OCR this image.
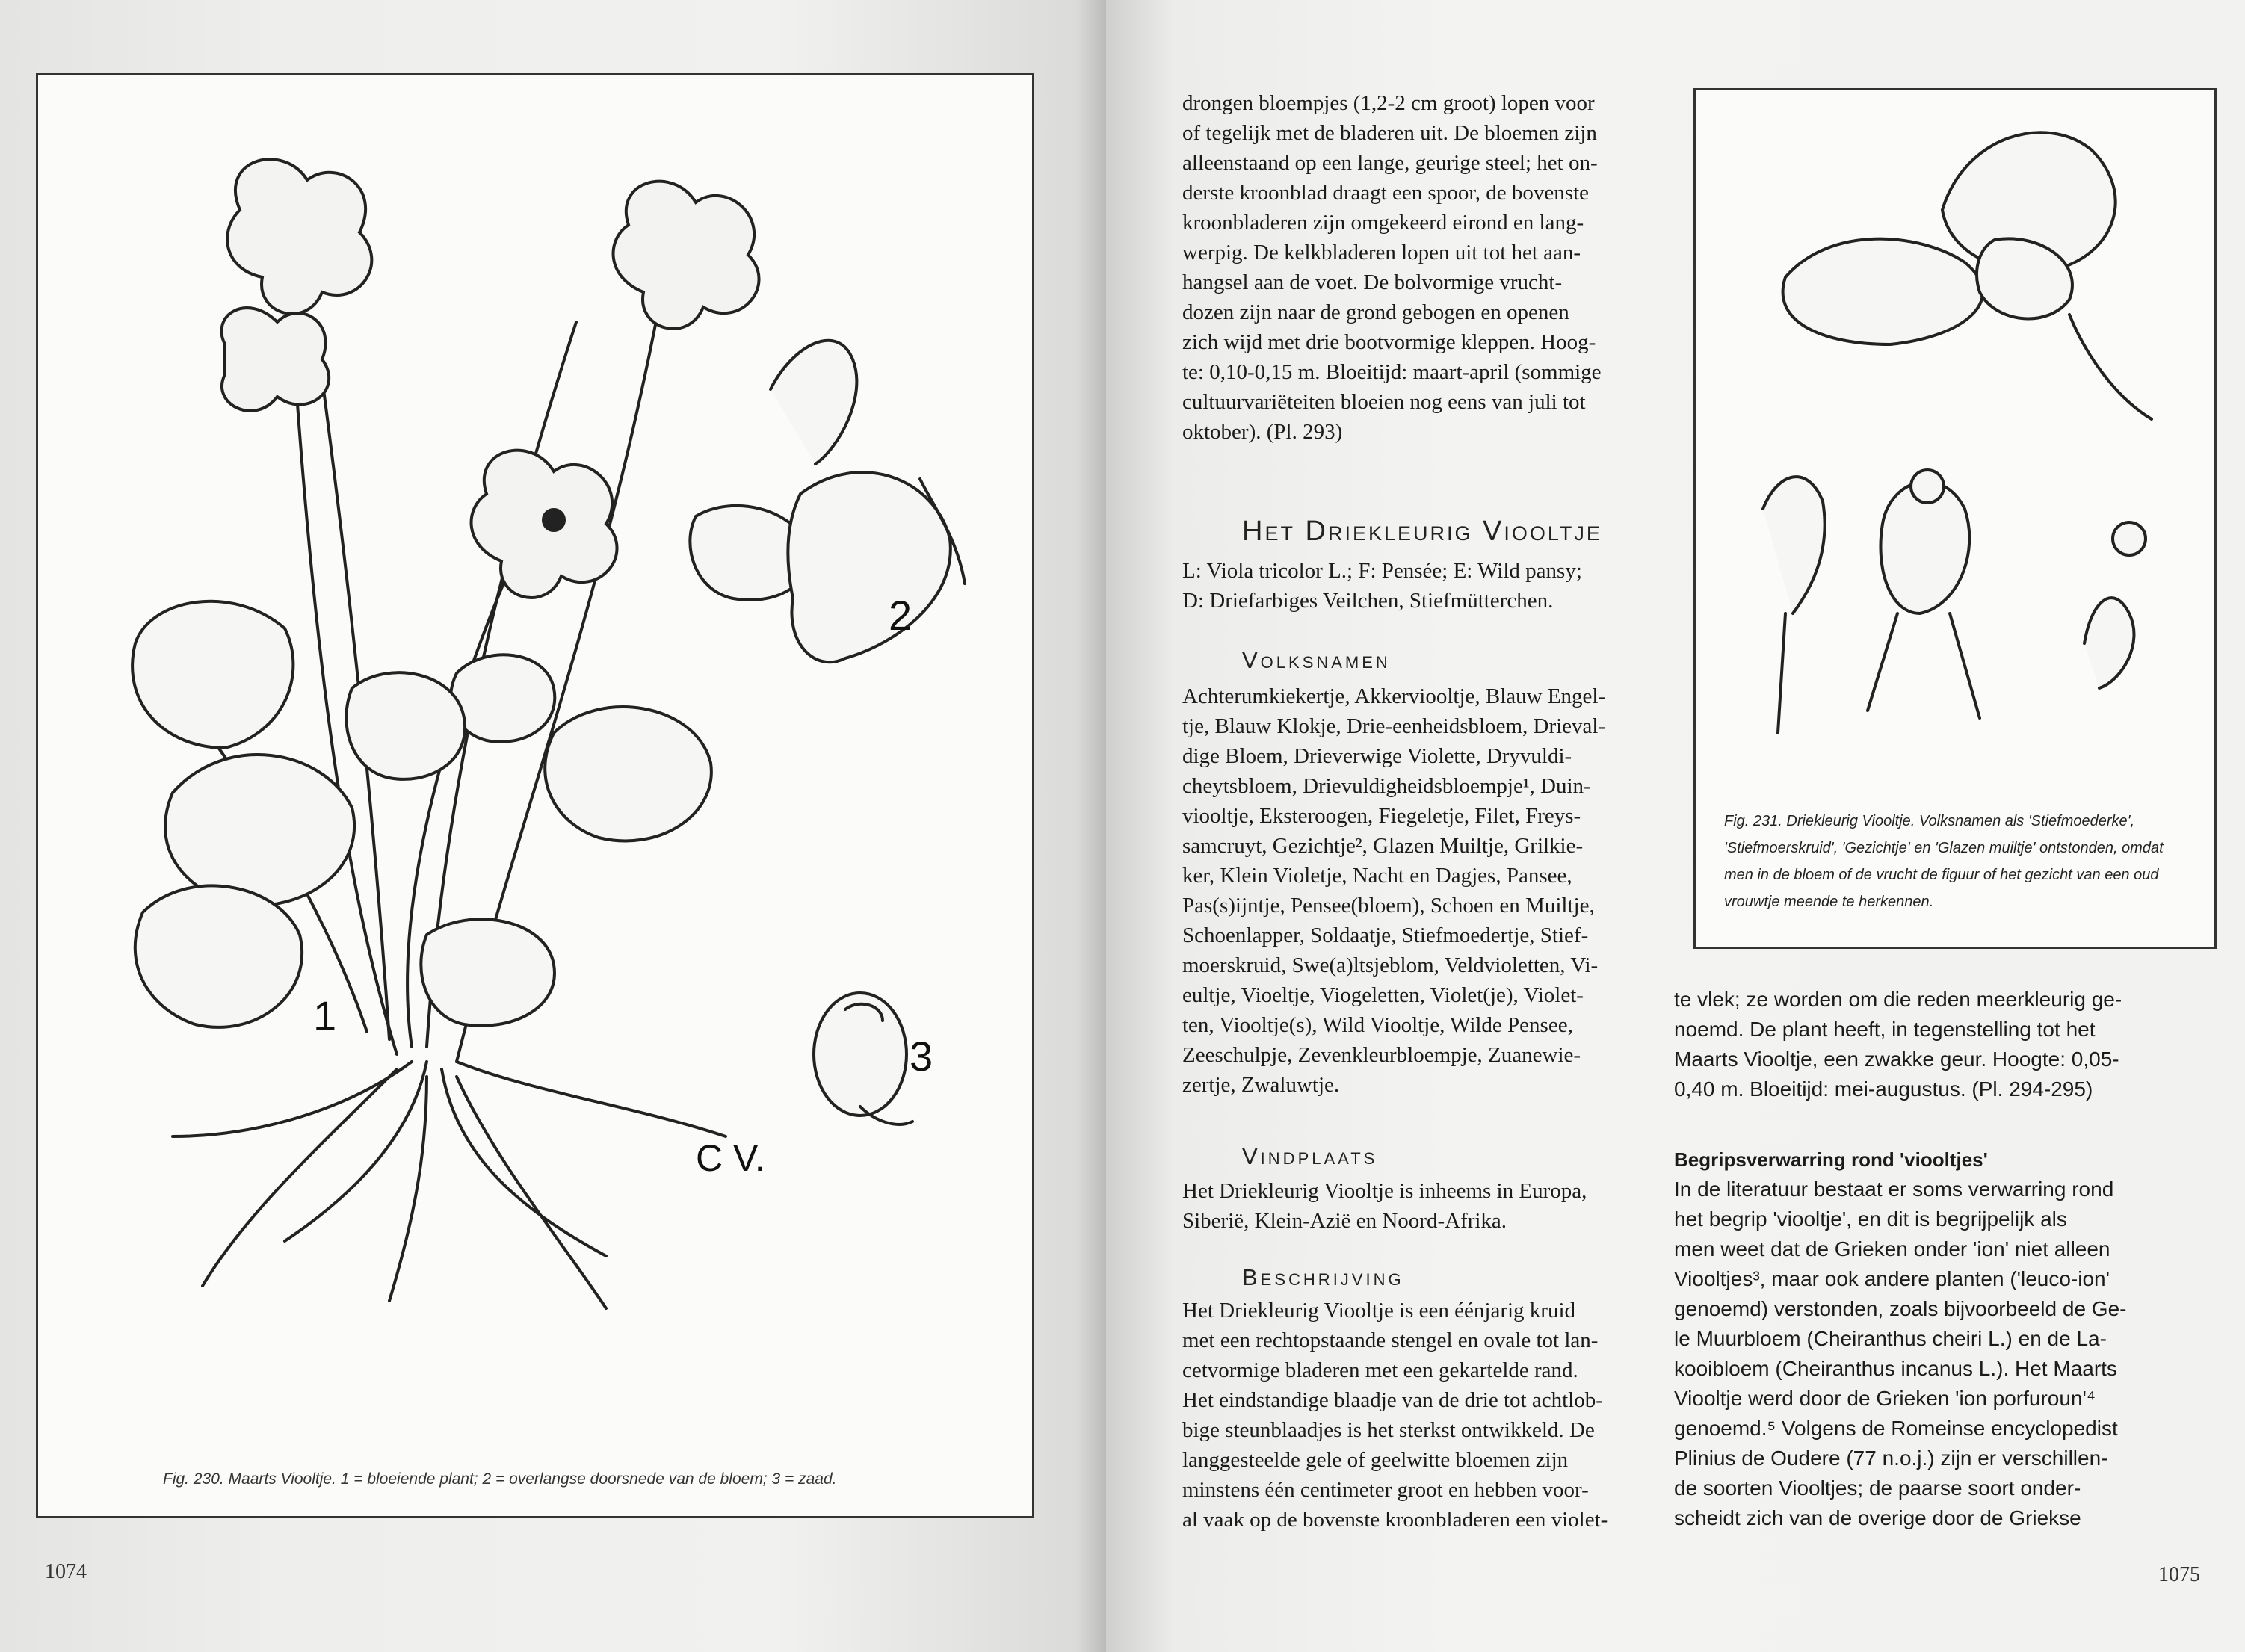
2
1
3
C V.
Fig. 230. Maarts Viooltje. 1 = bloeiende plant; 2 = overlangse doorsnede van de bloem; 3 = zaad.
1074

drongen bloempjes (1,2-2 cm groot) lopen voor

of tegelijk met de bladeren uit. De bloemen zijn

alleenstaand op een lange, geurige steel; het on-

derste kroonblad draagt een spoor, de bovenste

kroonbladeren zijn omgekeerd eirond en lang-

werpig. De kelkbladeren lopen uit tot het aan-

hangsel aan de voet. De bolvormige vrucht-

dozen zijn naar de grond gebogen en openen

zich wijd met drie bootvormige kleppen. Hoog-

te: 0,10-0,15 m. Bloeitijd: maart-april (sommige

cultuurvariëteiten bloeien nog eens van juli tot

oktober). (Pl. 293)

Het Driekleurig Viooltje

L: Viola tricolor L.; F: Pensée; E: Wild pansy;

D: Driefarbiges Veilchen, Stiefmütterchen.

Volksnamen

Achterumkiekertje, Akkerviooltje, Blauw Engel-

tje, Blauw Klokje, Drie-eenheidsbloem, Drieval-

dige Bloem, Drieverwige Violette, Dryvuldi-

cheytsbloem, Drievuldigheidsbloempje¹, Duin-

viooltje, Eksteroogen, Fiegeletje, Filet, Freys-

samcruyt, Gezichtje², Glazen Muiltje, Grilkie-

ker, Klein Violetje, Nacht en Dagjes, Pansee,

Pas(s)ijntje, Pensee(bloem), Schoen en Muiltje,

Schoenlapper, Soldaatje, Stiefmoedertje, Stief-

moerskruid, Swe(a)ltsjeblom, Veldvioletten, Vi-

eultje, Vioeltje, Viogeletten, Violet(je), Violet-

ten, Viooltje(s), Wild Viooltje, Wilde Pensee,

Zeeschulpje, Zevenkleurbloempje, Zuanewie-

zertje, Zwaluwtje.

Vindplaats

Het Driekleurig Viooltje is inheems in Europa,

Siberië, Klein-Azië en Noord-Afrika.

Beschrijving

Het Driekleurig Viooltje is een éénjarig kruid

met een rechtopstaande stengel en ovale tot lan-

cetvormige bladeren met een gekartelde rand.

Het eindstandige blaadje van de drie tot achtlob-

bige steunblaadjes is het sterkst ontwikkeld. De

langgesteelde gele of geelwitte bloemen zijn

minstens één centimeter groot en hebben voor-

al vaak op de bovenste kroonbladeren een violet-

Fig. 231. Driekleurig Viooltje. Volksnamen als 'Stiefmoederke', 'Stiefmoerskruid', 'Gezichtje' en 'Glazen muiltje' ontstonden, omdat men in de bloem of de vrucht de figuur of het gezicht van een oud vrouwtje meende te herkennen.

te vlek; ze worden om die reden meerkleurig ge-

noemd. De plant heeft, in tegenstelling tot het

Maarts Viooltje, een zwakke geur. Hoogte: 0,05-

0,40 m. Bloeitijd: mei-augustus. (Pl. 294-295)

Begripsverwarring rond 'viooltjes'

In de literatuur bestaat er soms verwarring rond

het begrip 'viooltje', en dit is begrijpelijk als

men weet dat de Grieken onder 'ion' niet alleen

Viooltjes³, maar ook andere planten ('leuco-ion'

genoemd) verstonden, zoals bijvoorbeeld de Ge-

le Muurbloem (Cheiranthus cheiri L.) en de La-

kooibloem (Cheiranthus incanus L.). Het Maarts

Viooltje werd door de Grieken 'ion porfuroun'⁴

genoemd.⁵ Volgens de Romeinse encyclopedist

Plinius de Oudere (77 n.o.j.) zijn er verschillen-

de soorten Viooltjes; de paarse soort onder-

scheidt zich van de overige door de Griekse

1075
